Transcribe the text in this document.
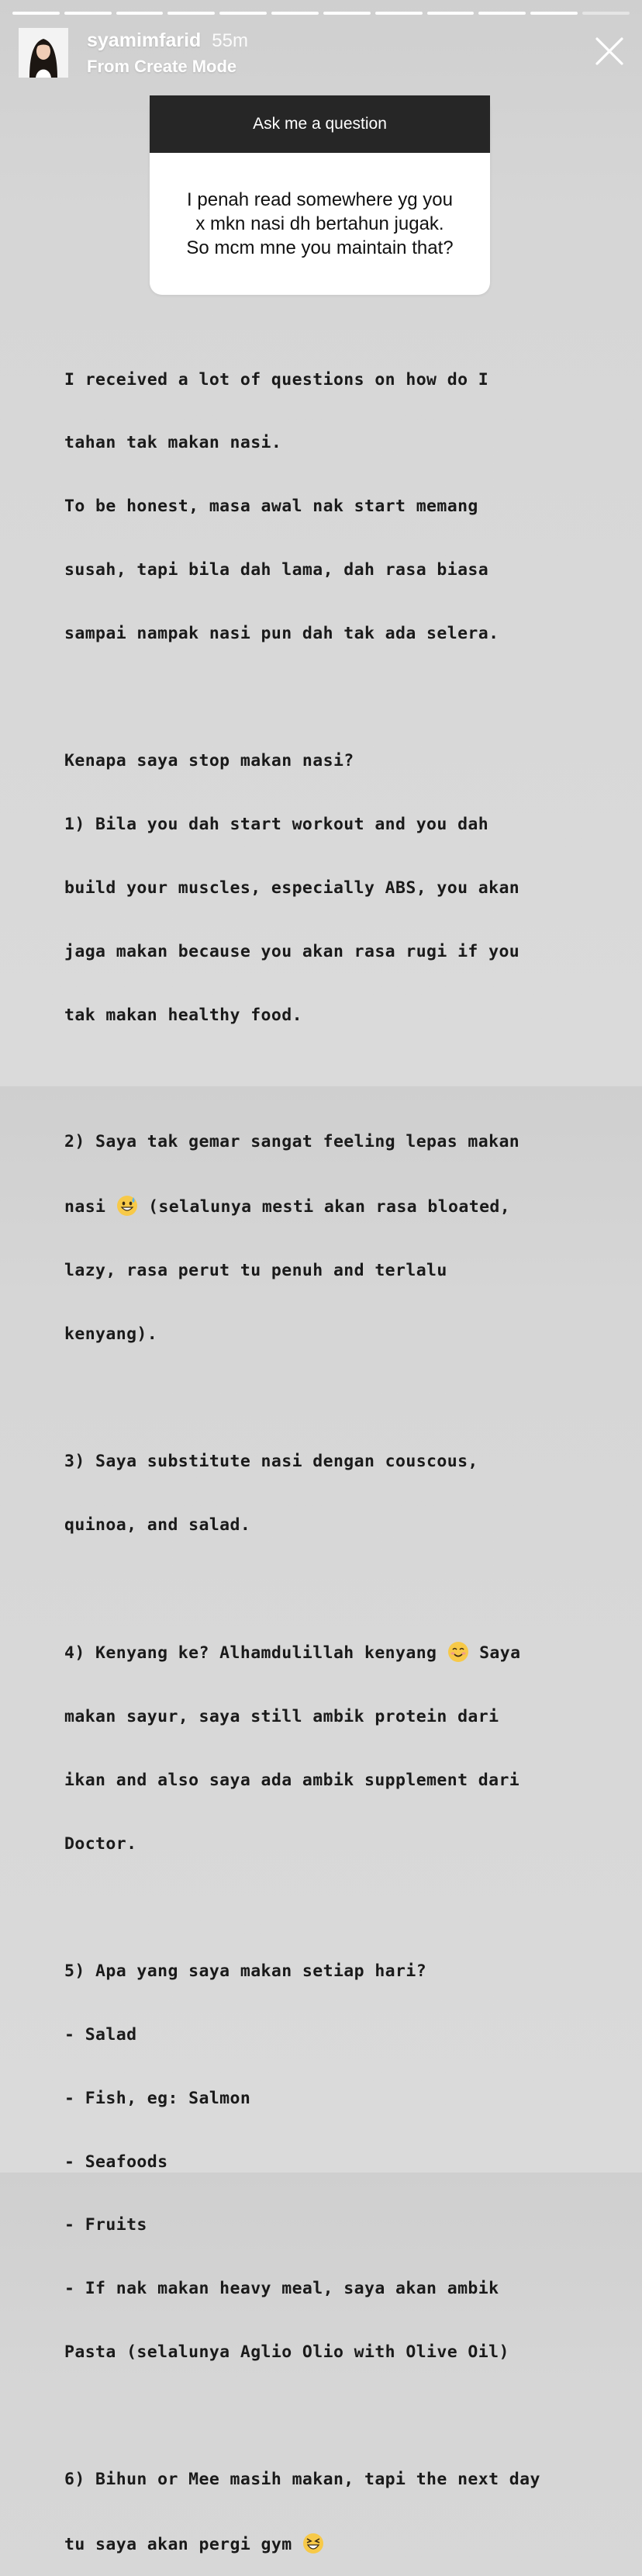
syamimfarid 55m
From Create Mode
Ask me a question
I penah read somewhere yg you
x mkn nasi dh bertahun jugak.
So mcm mne you maintain that?

I received a lot of questions on how do I

tahan tak makan nasi.

To be honest, masa awal nak start memang

susah, tapi bila dah lama, dah rasa biasa

sampai nampak nasi pun dah tak ada selera.

Kenapa saya stop makan nasi?

1) Bila you dah start workout and you dah

build your muscles, especially ABS, you akan

jaga makan because you akan rasa rugi if you

tak makan healthy food.

2) Saya tak gemar sangat feeling lepas makan

nasi  (selalunya mesti akan rasa bloated,

lazy, rasa perut tu penuh and terlalu

kenyang).

3) Saya substitute nasi dengan couscous,

quinoa, and salad.

4) Kenyang ke? Alhamdulillah kenyang  Saya

makan sayur, saya still ambik protein dari

ikan and also saya ada ambik supplement dari

Doctor.

5) Apa yang saya makan setiap hari?

- Salad

- Fish, eg: Salmon

- Seafoods

- Fruits

- If nak makan heavy meal, saya akan ambik

Pasta (selalunya Aglio Olio with Olive Oil)

6) Bihun or Mee masih makan, tapi the next day

tu saya akan pergi gym
